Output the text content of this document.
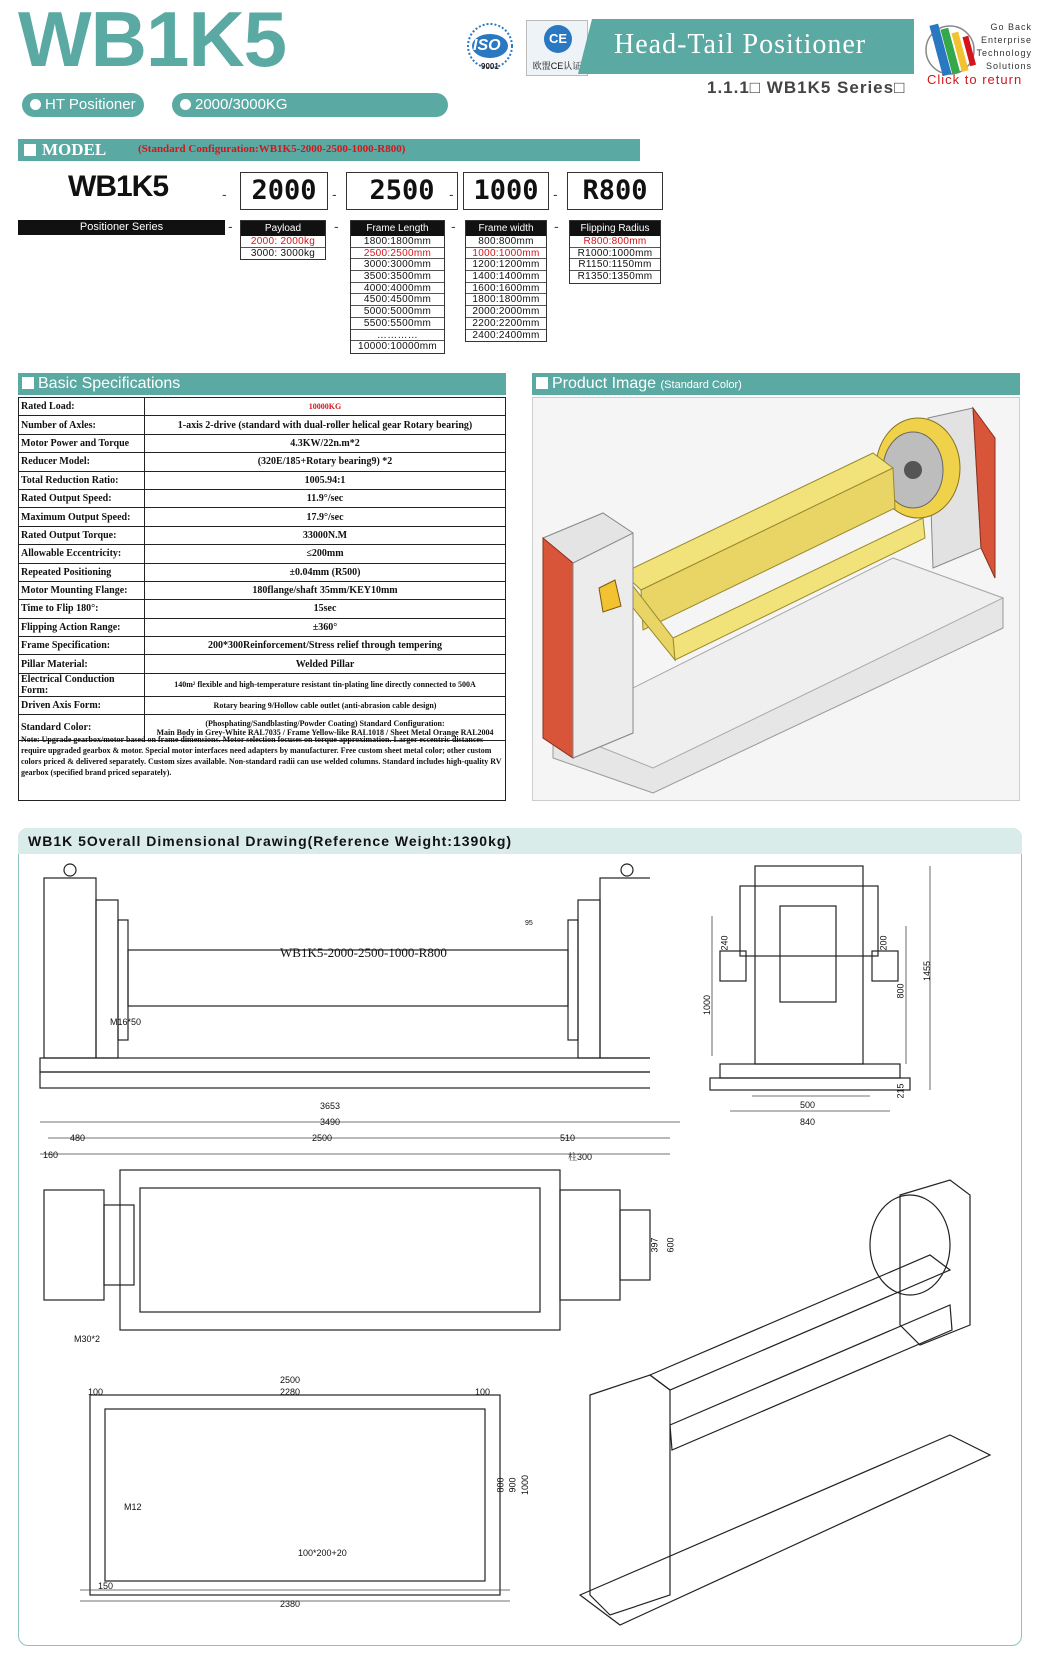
WB1K5
HT Positioner	2000/3000KG
ISO
9001
CE
欧盟CE认证
Head-Tail Positioner
1.1.1□ WB1K5 Series□
Go Back
Enterprise
Technology
Solutions
Click to return
MODEL	(Standard Configuration:WB1K5-2000-2500-1000-R800)
WB1K5	- 2000	-	2500	- 1000	- R800
Positioner Series	-	-	-	-
Payload
2000: 2000kg
3000: 3000kg
Frame Length
1800:1800mm
2500:2500mm
3000:3000mm
3500:3500mm
4000:4000mm
4500:4500mm
5000:5000mm
5500:5500mm
…………
10000:10000mm
Frame width
800:800mm
1000:1000mm
1200:1200mm
1400:1400mm
1600:1600mm
1800:1800mm
2000:2000mm
2200:2200mm
2400:2400mm
Flipping Radius
R800:800mm
R1000:1000mm
R1150:1150mm
R1350:1350mm
Basic Specifications
Rated Load:	10000KG
Number of Axles:	1-axis 2-drive (standard with dual-roller helical gear Rotary bearing)
Motor Power and Torque	4.3KW/22n.m*2
Reducer Model:	(320E/185+Rotary bearing9) *2
Total Reduction Ratio:	1005.94:1
Rated Output Speed:	11.9°/sec
Maximum Output Speed:	17.9°/sec
Rated Output Torque:	33000N.M
Allowable Eccentricity:	≤200mm
Repeated Positioning	±0.04mm (R500)
Motor Mounting Flange:	180flange/shaft 35mm/KEY10mm
Time to Flip 180°:	15sec
Flipping Action Range:	±360°
Frame Specification:	200*300Reinforcement/Stress relief through tempering
Pillar Material:	Welded Pillar
Electrical Conduction Form:	140m² flexible and high-temperature resistant tin-plating line directly connected to 500A
Driven Axis Form:	Rotary bearing 9/Hollow cable outlet (anti-abrasion cable design)
Standard Color:	(Phosphating/Sandblasting/Powder Coating) Standard Configuration:
Main Body in Grey-White RAL7035 / Frame Yellow-like RAL1018 / Sheet Metal Orange RAL2004
Note: Upgrade gearbox/motor based on frame dimensions. Motor selection focuses on torque approximation. Larger eccentric distances require upgraded gearbox & motor. Special motor interfaces need adapters by manufacturer. Free custom sheet metal color; other custom colors priced & delivered separately. Custom sizes available. Non-standard radii can use welded columns. Standard includes high-quality RV gearbox (specified brand priced separately).
Product Image (Standard Color)
WB1K 5Overall Dimensional Drawing(Reference Weight:1390kg)
WB1K5-2000-2500-1000-R800
M16*50
95
240	200
1000
800
1455
215
500
840
3653
3490
480	2500	510
160	柱300
397 600
M30*2
2500
2280
100	100
M12
100*200+20
150
2380
800 900 1000
